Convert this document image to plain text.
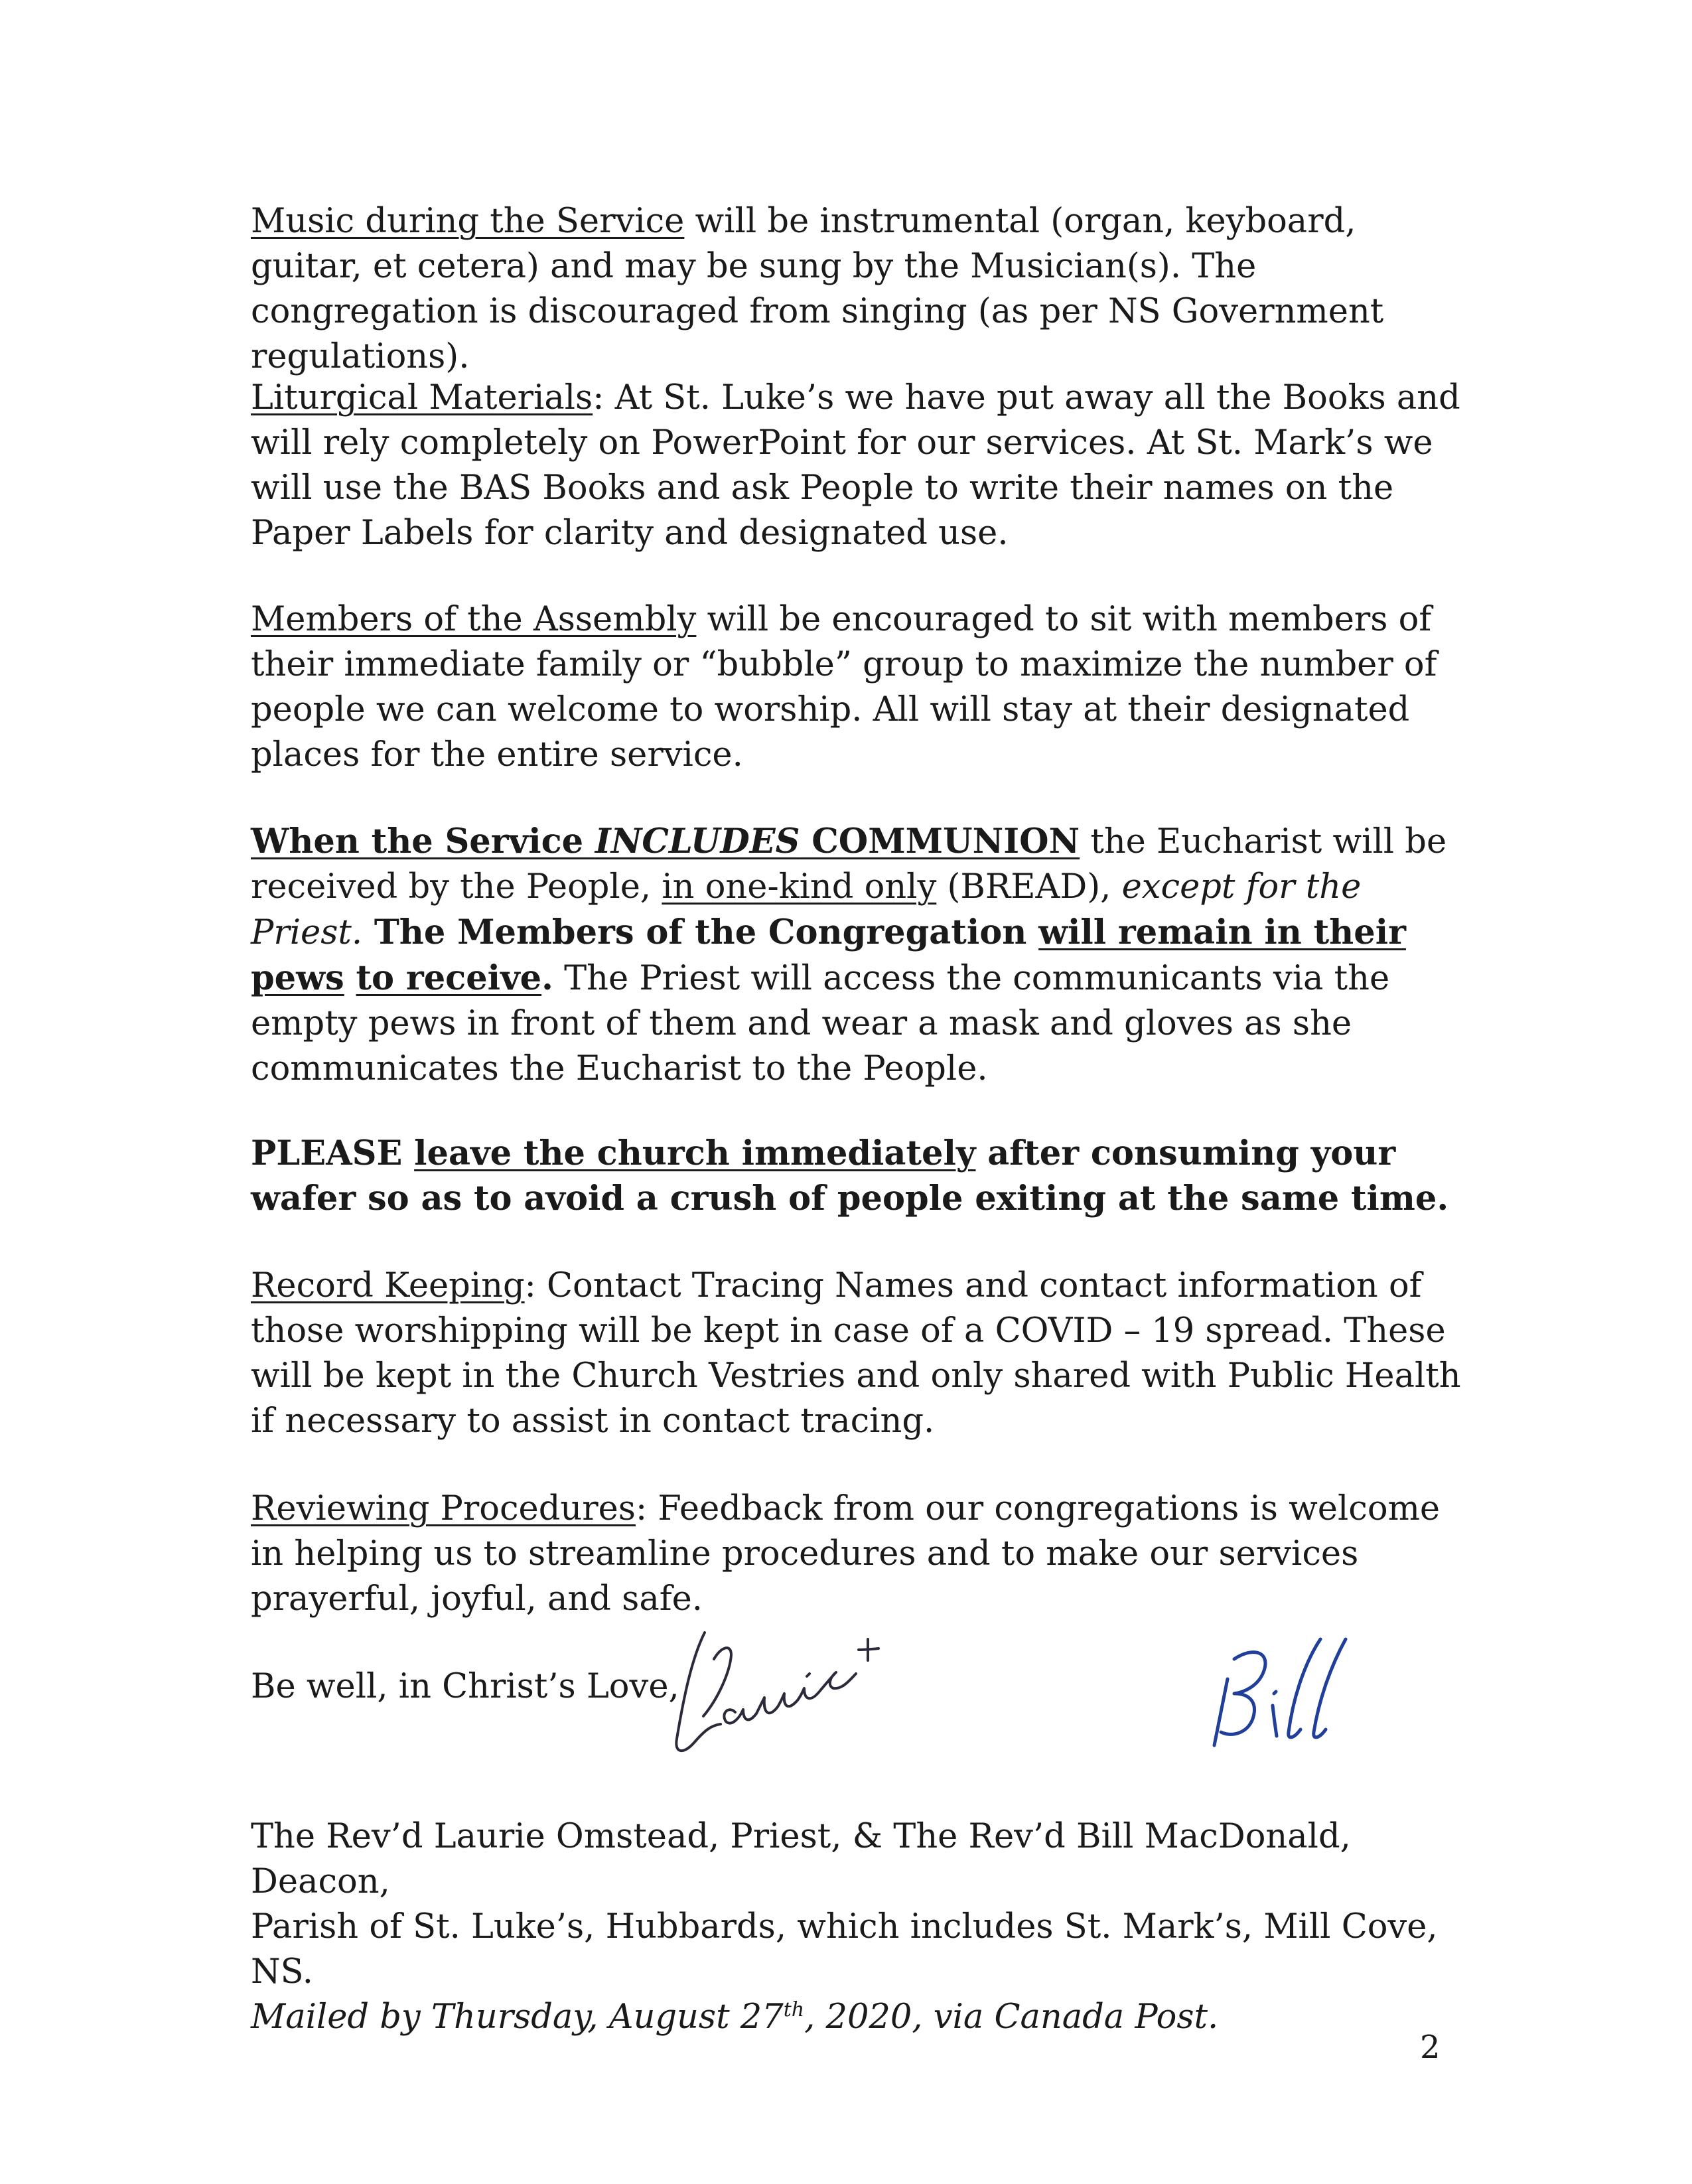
Music during the Service will be instrumental (organ, keyboard, guitar, et cetera) and may be sung by the Musician(s). The congregation is discouraged from singing (as per NS Government regulations).

Liturgical Materials: At St. Luke’s we have put away all the Books and will rely completely on PowerPoint for our services. At St. Mark’s we will use the BAS Books and ask People to write their names on the Paper Labels for clarity and designated use.

Members of the Assembly will be encouraged to sit with members of their immediate family or “bubble” group to maximize the number of people we can welcome to worship. All will stay at their designated places for the entire service.

When the Service INCLUDES COMMUNION the Eucharist will be received by the People, in one-kind only (BREAD), except for the Priest. The Members of the Congregation will remain in their pews to receive. The Priest will access the communicants via the empty pews in front of them and wear a mask and gloves as she communicates the Eucharist to the People.

PLEASE leave the church immediately after consuming your wafer so as to avoid a crush of people exiting at the same time.

Record Keeping: Contact Tracing Names and contact information of those worshipping will be kept in case of a COVID – 19 spread. These will be kept in the Church Vestries and only shared with Public Health if necessary to assist in contact tracing.

Reviewing Procedures: Feedback from our congregations is welcome in helping us to streamline procedures and to make our services prayerful, joyful, and safe.

Be well, in Christ’s Love,

The Rev’d Laurie Omstead, Priest, & The Rev’d Bill MacDonald, Deacon,
Parish of St. Luke’s, Hubbards, which includes St. Mark’s, Mill Cove, NS.
Mailed by Thursday, August 27th, 2020, via Canada Post.

2
